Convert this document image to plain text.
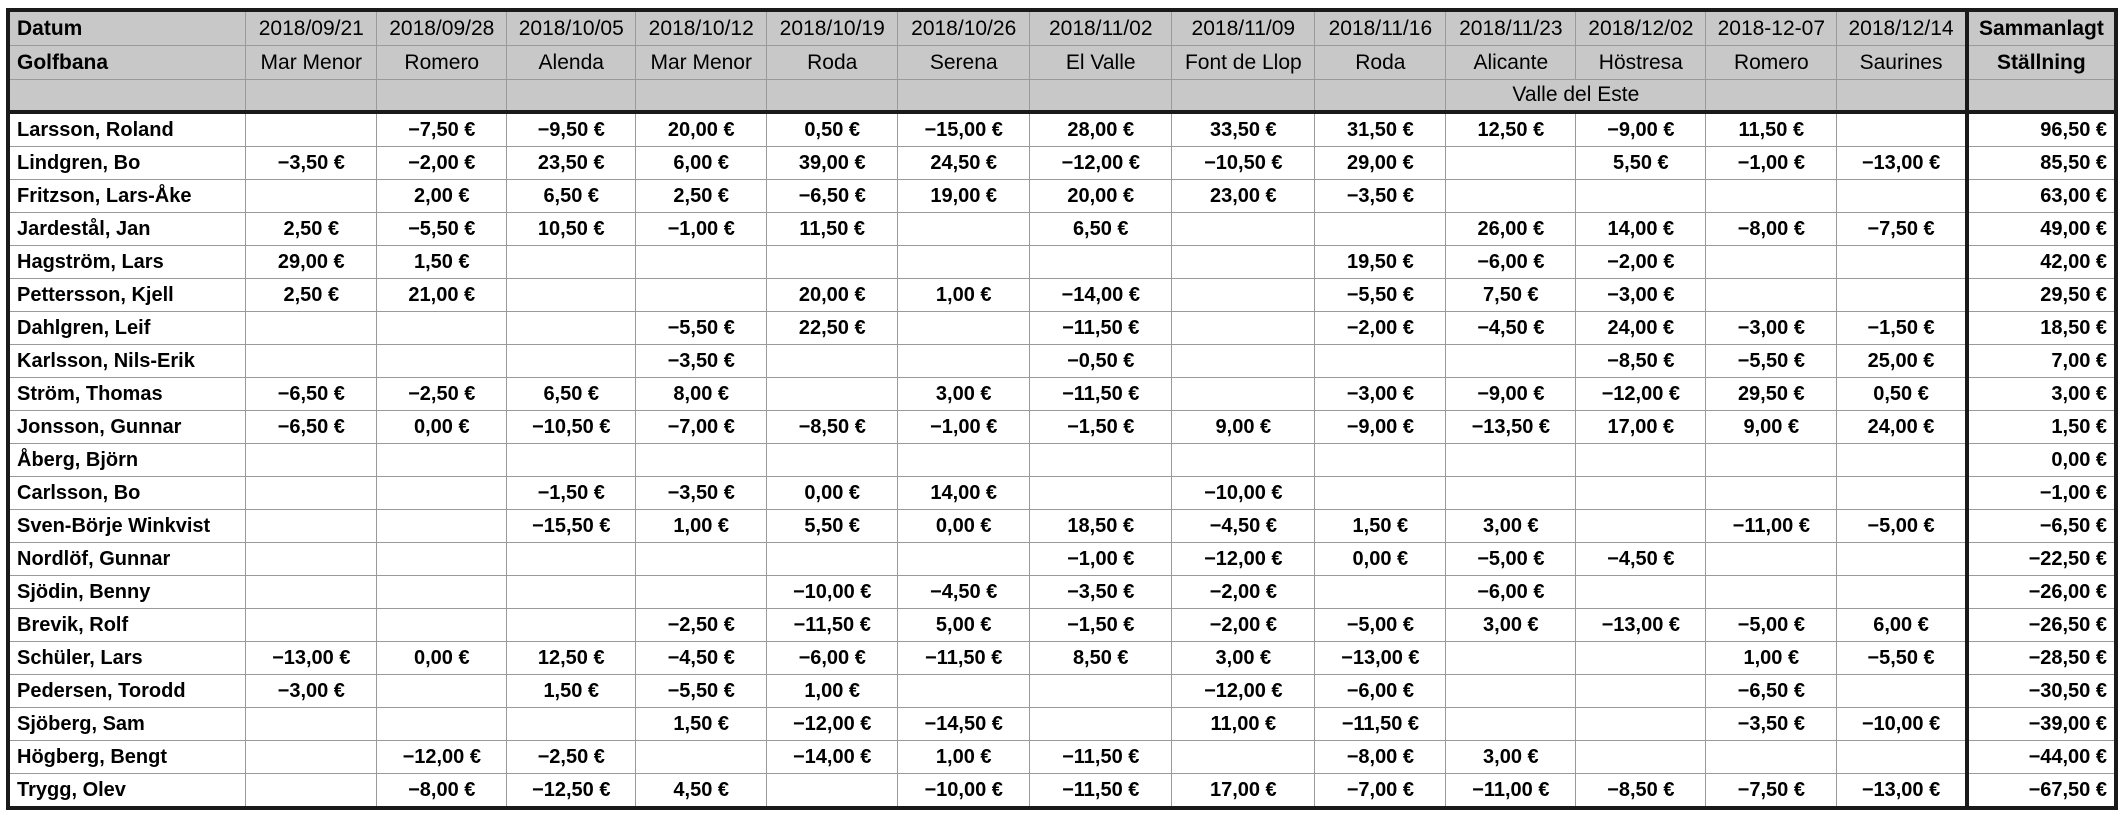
Datum	2018/09/21	2018/09/28	2018/10/05	2018/10/12	2018/10/19	2018/10/26	2018/11/02	2018/11/09	2018/11/16	2018/11/23	2018/12/02	2018-12-07	2018/12/14	Sammanlagt
Golfbana	Mar Menor	Romero	Alenda	Mar Menor	Roda	Serena	El Valle	Font de Llop	Roda	Alicante	Höstresa	Romero	Saurines	Ställning
										Valle del Este				
Larsson, Roland		−7,50 €	−9,50 €	20,00 €	0,50 €	−15,00 €	28,00 €	33,50 €	31,50 €	12,50 €	−9,00 €	11,50 €		96,50 €
Lindgren, Bo	−3,50 €	−2,00 €	23,50 €	6,00 €	39,00 €	24,50 €	−12,00 €	−10,50 €	29,00 €		5,50 €	−1,00 €	−13,00 €	85,50 €
Fritzson, Lars-Åke		2,00 €	6,50 €	2,50 €	−6,50 €	19,00 €	20,00 €	23,00 €	−3,50 €					63,00 €
Jardestål, Jan	2,50 €	−5,50 €	10,50 €	−1,00 €	11,50 €		6,50 €			26,00 €	14,00 €	−8,00 €	−7,50 €	49,00 €
Hagström, Lars	29,00 €	1,50 €							19,50 €	−6,00 €	−2,00 €			42,00 €
Pettersson, Kjell	2,50 €	21,00 €			20,00 €	1,00 €	−14,00 €		−5,50 €	7,50 €	−3,00 €			29,50 €
Dahlgren, Leif				−5,50 €	22,50 €		−11,50 €		−2,00 €	−4,50 €	24,00 €	−3,00 €	−1,50 €	18,50 €
Karlsson, Nils-Erik				−3,50 €			−0,50 €				−8,50 €	−5,50 €	25,00 €	7,00 €
Ström, Thomas	−6,50 €	−2,50 €	6,50 €	8,00 €		3,00 €	−11,50 €		−3,00 €	−9,00 €	−12,00 €	29,50 €	0,50 €	3,00 €
Jonsson, Gunnar	−6,50 €	0,00 €	−10,50 €	−7,00 €	−8,50 €	−1,00 €	−1,50 €	9,00 €	−9,00 €	−13,50 €	17,00 €	9,00 €	24,00 €	1,50 €
Åberg, Björn														0,00 €
Carlsson, Bo			−1,50 €	−3,50 €	0,00 €	14,00 €		−10,00 €						−1,00 €
Sven-Börje Winkvist			−15,50 €	1,00 €	5,50 €	0,00 €	18,50 €	−4,50 €	1,50 €	3,00 €		−11,00 €	−5,00 €	−6,50 €
Nordlöf, Gunnar							−1,00 €	−12,00 €	0,00 €	−5,00 €	−4,50 €			−22,50 €
Sjödin, Benny					−10,00 €	−4,50 €	−3,50 €	−2,00 €		−6,00 €				−26,00 €
Brevik, Rolf				−2,50 €	−11,50 €	5,00 €	−1,50 €	−2,00 €	−5,00 €	3,00 €	−13,00 €	−5,00 €	6,00 €	−26,50 €
Schüler, Lars	−13,00 €	0,00 €	12,50 €	−4,50 €	−6,00 €	−11,50 €	8,50 €	3,00 €	−13,00 €			1,00 €	−5,50 €	−28,50 €
Pedersen, Torodd	−3,00 €		1,50 €	−5,50 €	1,00 €			−12,00 €	−6,00 €			−6,50 €		−30,50 €
Sjöberg, Sam				1,50 €	−12,00 €	−14,50 €		11,00 €	−11,50 €			−3,50 €	−10,00 €	−39,00 €
Högberg, Bengt		−12,00 €	−2,50 €		−14,00 €	1,00 €	−11,50 €		−8,00 €	3,00 €				−44,00 €
Trygg, Olev		−8,00 €	−12,50 €	4,50 €		−10,00 €	−11,50 €	17,00 €	−7,00 €	−11,00 €	−8,50 €	−7,50 €	−13,00 €	−67,50 €
